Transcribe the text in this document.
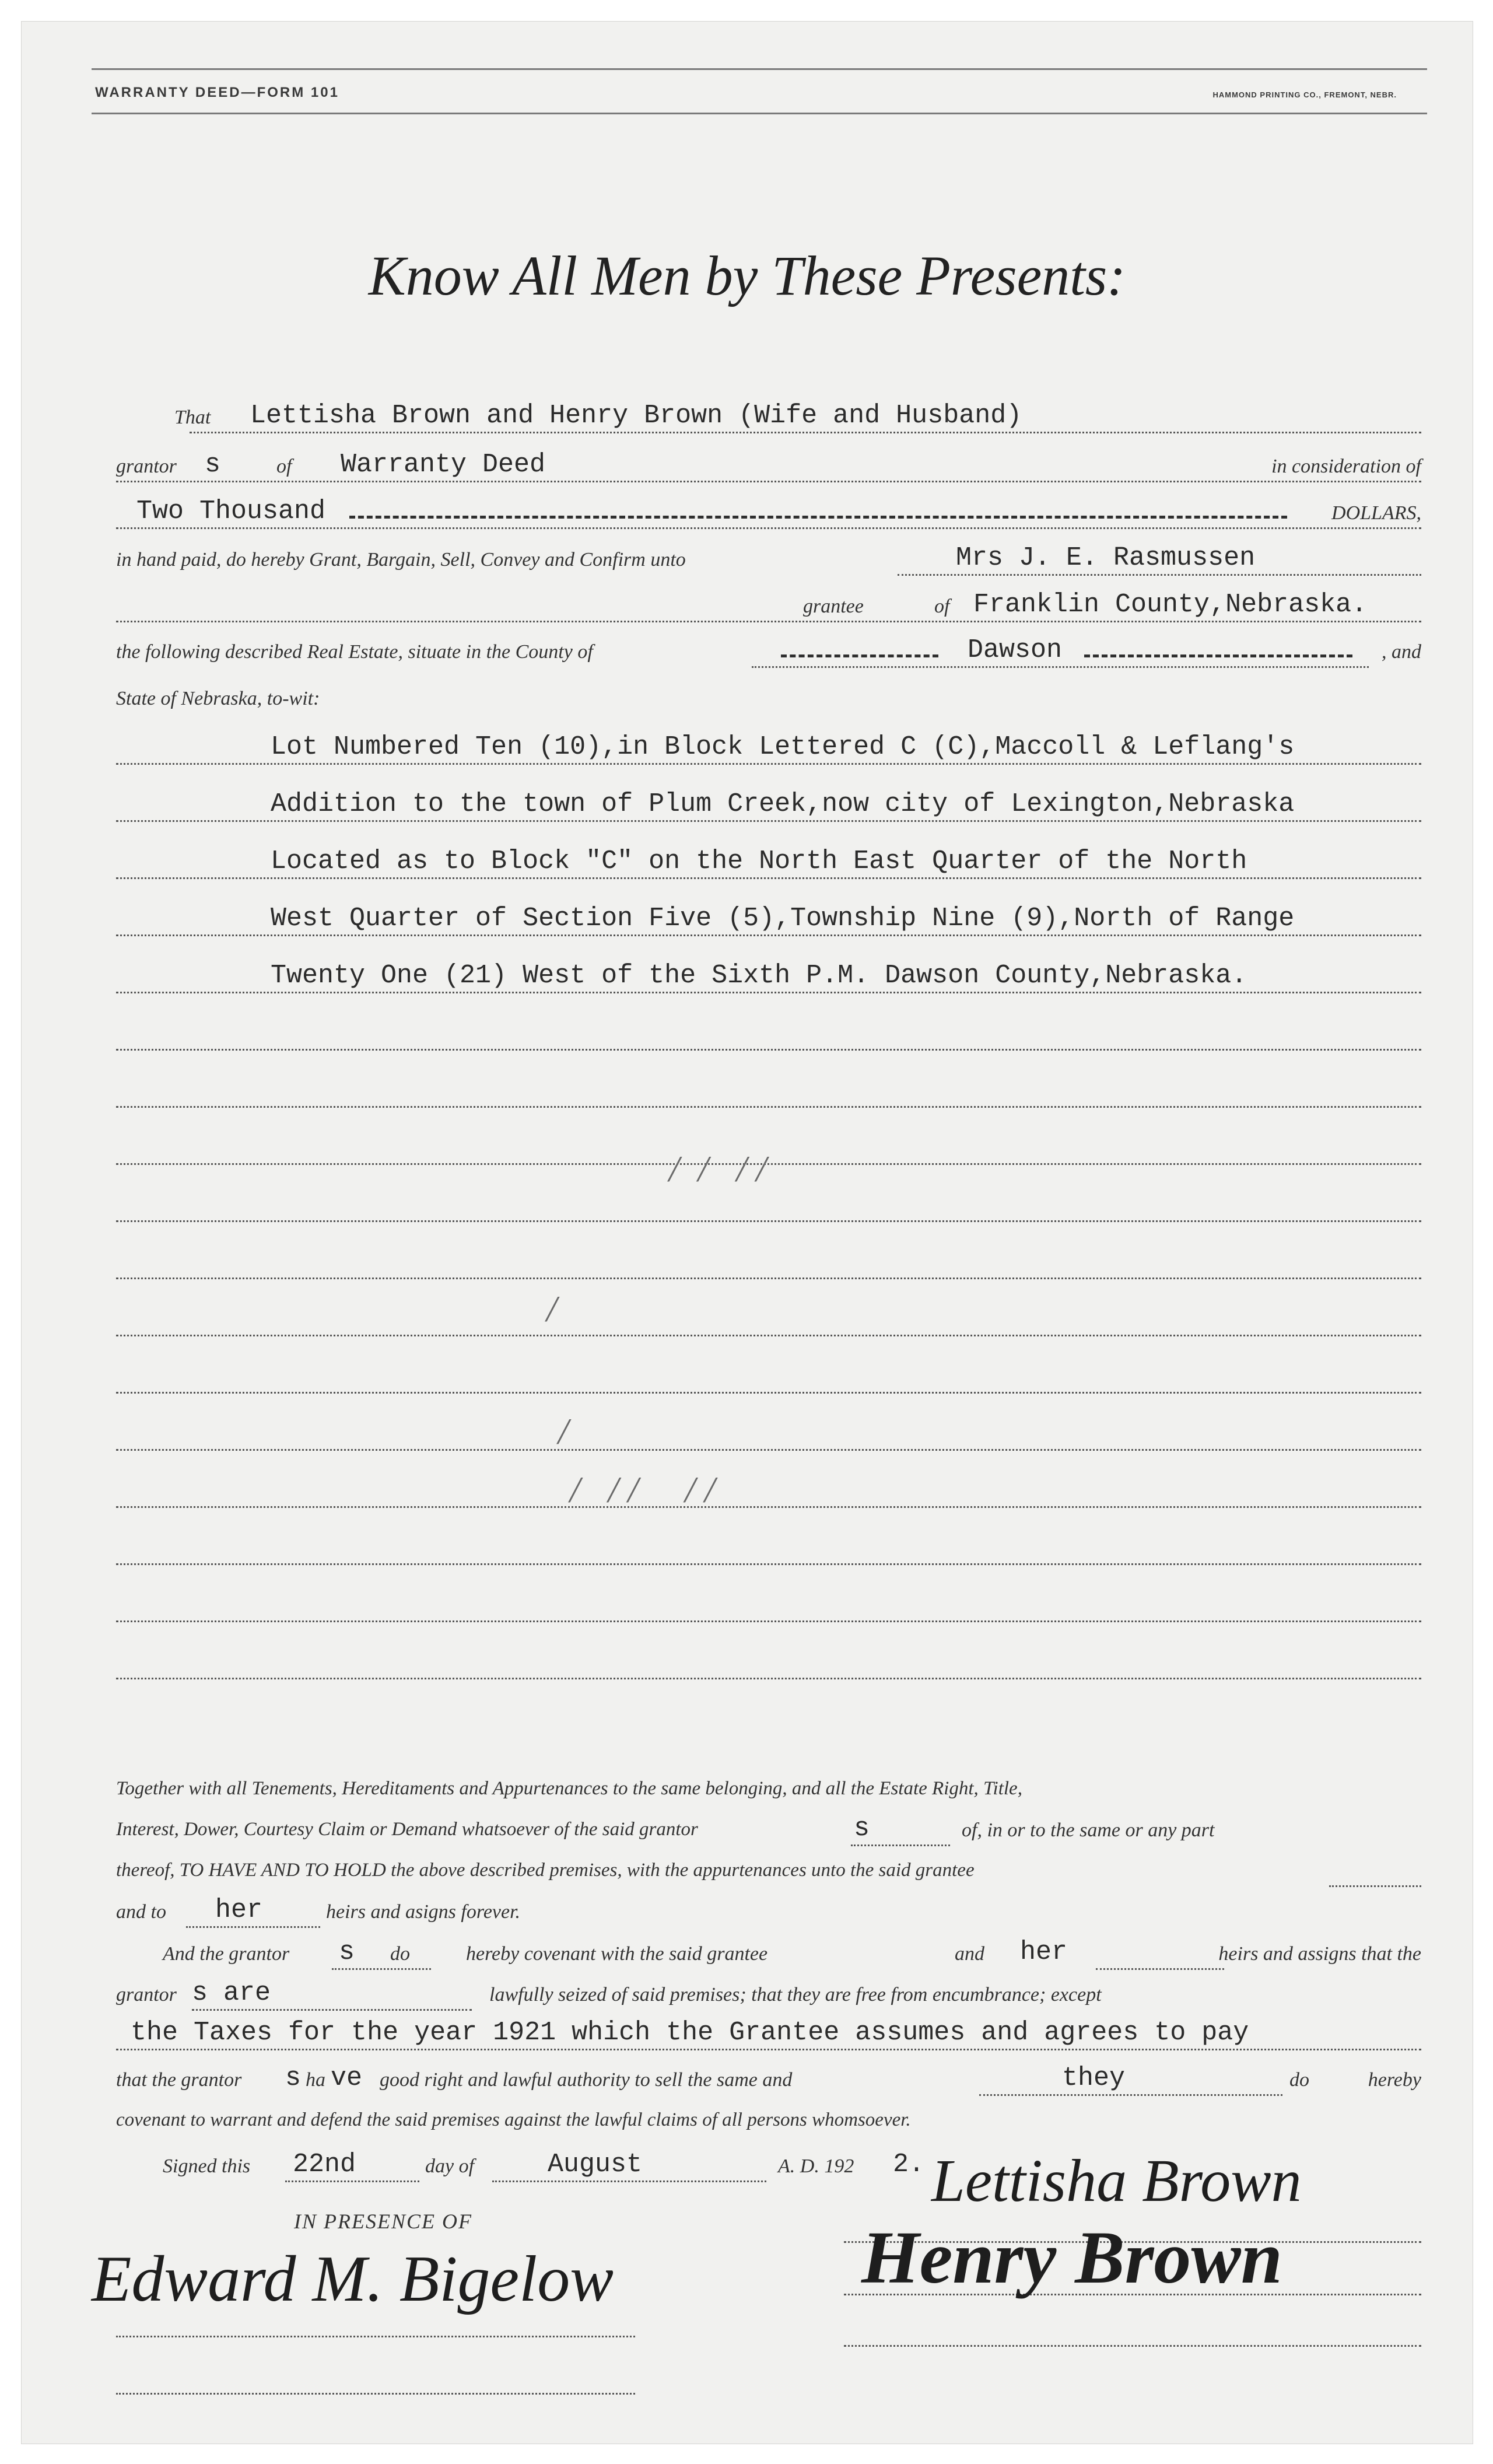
WARRANTY DEED—FORM 101	HAMMOND PRINTING CO., FREMONT, NEBR.
Know All Men by These Presents:
That Lettisha Brown and Henry Brown (Wife and Husband)
grantor s	of Warranty Deed	in consideration of
Two Thousand	DOLLARS,
in hand paid, do hereby Grant, Bargain, Sell, Convey and Confirm unto	Mrs J. E. Rasmussen
grantee	of Franklin County,Nebraska.
the following described Real Estate, situate in the County of	Dawson	, and
State of Nebraska, to-wit:
Lot Numbered Ten (10),in Block Lettered C (C),Maccoll & Leflang's
Addition to the town of Plum Creek,now city of Lexington,Nebraska
Located as to Block "C" on the North East Quarter of the North
West Quarter of Section Five (5),Township Nine (9),North of Range
Twenty One (21) West of the Sixth P.M. Dawson County,Nebraska.
/  /   / /
/
/
/   / /     / /
Together with all Tenements, Hereditaments and Appurtenances to the same belonging, and all the Estate Right, Title,
Interest, Dower, Courtesy Claim or Demand whatsoever of the said grantor	s	of, in or to the same or any part
thereof, TO HAVE AND TO HOLD the above described premises, with the appurtenances unto the said grantee
and to her	heirs and asigns forever.
And the grantor s do	hereby covenant with the said grantee	and her	heirs and assigns that the
grantor s are	lawfully seized of said premises; that they are free from encumbrance; except
the Taxes for the year 1921 which the Grantee assumes and agrees to pay
that the grantor s ha ve good right and lawful authority to sell the same and	they	do	hereby
covenant to warrant and defend the said premises against the lawful claims of all persons whomsoever.
Signed this 22nd	day of	August	A. D. 192 2.
IN PRESENCE OF
Lettisha Brown
Henry Brown
Edward M. Bigelow
